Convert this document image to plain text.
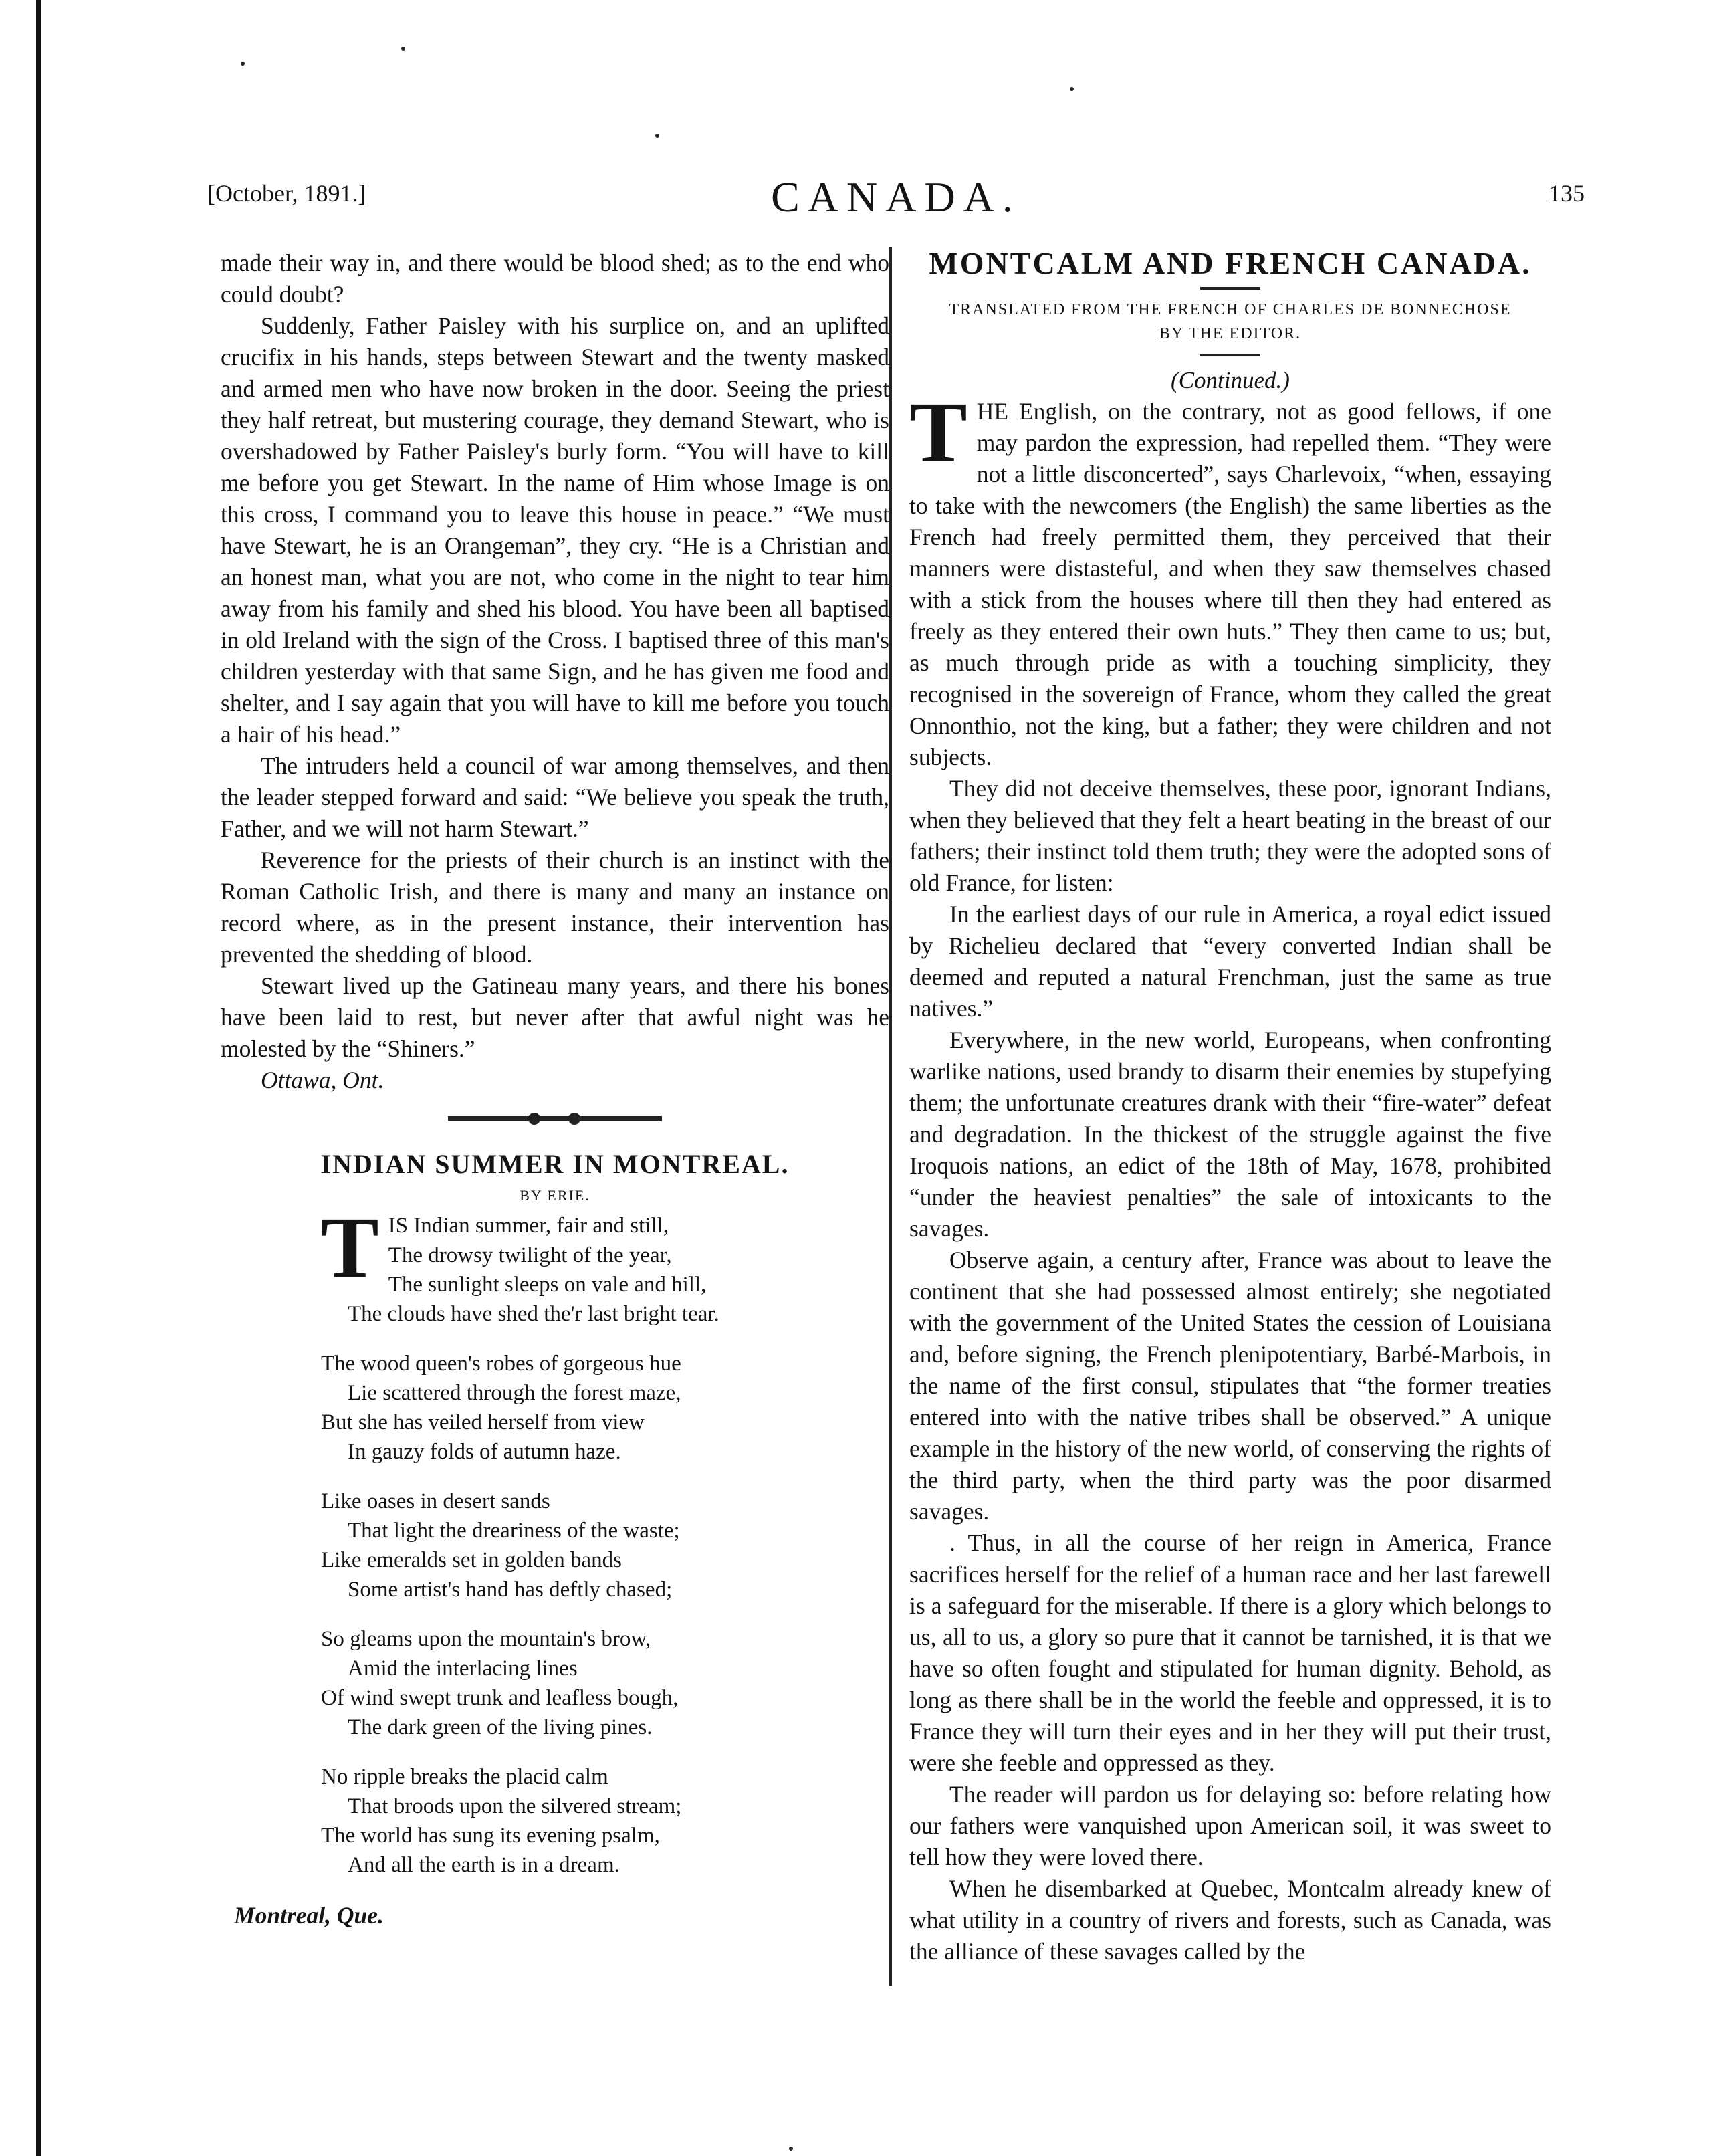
[October, 1891.]	CANADA.	135

made their way in, and there would be blood shed; as to the end who could doubt?

Suddenly, Father Paisley with his surplice on, and an uplifted crucifix in his hands, steps between Stewart and the twenty masked and armed men who have now broken in the door. Seeing the priest they half retreat, but mustering courage, they demand Stewart, who is overshadowed by Father Paisley's burly form. “You will have to kill me before you get Stewart. In the name of Him whose Image is on this cross, I command you to leave this house in peace.” “We must have Stewart, he is an Orangeman”, they cry. “He is a Christian and an honest man, what you are not, who come in the night to tear him away from his family and shed his blood. You have been all baptised in old Ireland with the sign of the Cross. I baptised three of this man's children yesterday with that same Sign, and he has given me food and shelter, and I say again that you will have to kill me before you touch a hair of his head.”

The intruders held a council of war among themselves, and then the leader stepped forward and said: “We believe you speak the truth, Father, and we will not harm Stewart.”

Reverence for the priests of their church is an instinct with the Roman Catholic Irish, and there is many and many an instance on record where, as in the present instance, their intervention has prevented the shedding of blood.

Stewart lived up the Gatineau many years, and there his bones have been laid to rest, but never after that awful night was he molested by the “Shiners.”

Ottawa, Ont.

INDIAN SUMMER IN MONTREAL.

BY ERIE.

T IS Indian summer, fair and still,
The drowsy twilight of the year,
The sunlight sleeps on vale and hill,
The clouds have shed the'r last bright tear.
The wood queen's robes of gorgeous hue
Lie scattered through the forest maze,
But she has veiled herself from view
In gauzy folds of autumn haze.
Like oases in desert sands
That light the dreariness of the waste;
Like emeralds set in golden bands
Some artist's hand has deftly chased;
So gleams upon the mountain's brow,
Amid the interlacing lines
Of wind swept trunk and leafless bough,
The dark green of the living pines.
No ripple breaks the placid calm
That broods upon the silvered stream;
The world has sung its evening psalm,
And all the earth is in a dream.

Montreal, Que.

MONTCALM AND FRENCH CANADA.

TRANSLATED FROM THE FRENCH OF CHARLES DE BONNECHOSE

BY THE EDITOR.

(Continued.)

THE English, on the contrary, not as good fellows, if one may pardon the expression, had repelled them. “They were not a little disconcerted”, says Charlevoix, “when, essaying to take with the newcomers (the English) the same liberties as the French had freely permitted them, they perceived that their manners were distasteful, and when they saw themselves chased with a stick from the houses where till then they had entered as freely as they entered their own huts.” They then came to us; but, as much through pride as with a touching simplicity, they recognised in the sovereign of France, whom they called the great Onnonthio, not the king, but a father; they were children and not subjects.

They did not deceive themselves, these poor, ignorant Indians, when they believed that they felt a heart beating in the breast of our fathers; their instinct told them truth; they were the adopted sons of old France, for listen:

In the earliest days of our rule in America, a royal edict issued by Richelieu declared that “every converted Indian shall be deemed and reputed a natural Frenchman, just the same as true natives.”

Everywhere, in the new world, Europeans, when confronting warlike nations, used brandy to disarm their enemies by stupefying them; the unfortunate creatures drank with their “fire-water” defeat and degradation. In the thickest of the struggle against the five Iroquois nations, an edict of the 18th of May, 1678, prohibited “under the heaviest penalties” the sale of intoxicants to the savages.

Observe again, a century after, France was about to leave the continent that she had possessed almost entirely; she negotiated with the government of the United States the cession of Louisiana and, before signing, the French plenipotentiary, Barbé-Marbois, in the name of the first consul, stipulates that “the former treaties entered into with the native tribes shall be observed.” A unique example in the history of the new world, of conserving the rights of the third party, when the third party was the poor disarmed savages.

. Thus, in all the course of her reign in America, France sacrifices herself for the relief of a human race and her last farewell is a safeguard for the miserable. If there is a glory which belongs to us, all to us, a glory so pure that it cannot be tarnished, it is that we have so often fought and stipulated for human dignity. Behold, as long as there shall be in the world the feeble and oppressed, it is to France they will turn their eyes and in her they will put their trust, were she feeble and oppressed as they.

The reader will pardon us for delaying so: before relating how our fathers were vanquished upon American soil, it was sweet to tell how they were loved there.

When he disembarked at Quebec, Montcalm already knew of what utility in a country of rivers and forests, such as Canada, was the alliance of these savages called by the
